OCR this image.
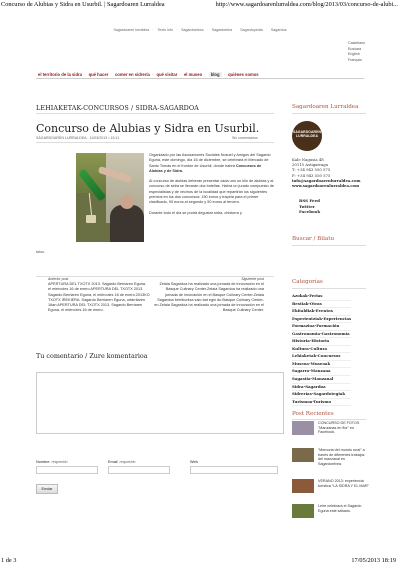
Concurso de Alubias y Sidra en Usurbil. | Sagardoaren Lurraldea	http://www.sagardoarenlurraldea.com/blog/2013/03/concurso-de-alubi...
Sagardoaren lurraldea · Textu info · Sagardoetxea · Sagardoteka · Sagardopedia · Sagardoa
Castellano
Euskara
English
Français
el territorio de la sidra · qué hacer · comer en sidrería · qué visitar · el museo · blog · quiénes somos
LEHIAKETAK-CONCURSOS / SIDRA-SAGARDOA
Concurso de Alubias y Sidra en Usurbil.
SAGARDOAREN LURRALDEA · 11/03/2013 • 15:11	Sin comentarios

Organizado por las Asociaciones Sociales Nosuel y Amigos del Sagardo Eguna, este domingo, día 16 de diciembre, se celebrará el Mercado de Santo Tomás en el frontón de Usurbil, donde habrá Concursos de Alubias y de Sidra.

Al concurso de alubias deberán presentar cada uno un kilo de alubias y al concurso de sidra se llevarán dos botellas. Habrá un jurado compuesto de especialistas y de vecinos de la localidad que repartirán los siguientes premios en los dos concursos: 150 euros y trapela para el primer clasificado, 90 euros al segundo y 50 euros al tercero.

Durante todo el día se podrá degustar sidra, chistorra y

talos.
Anterior post
APERTURA DEL TXOTX 2013. Sagardo Berriaren Eguna, el miércoles 16 de enero APERTURA DEL TXOTX 2013. Sagardo Berriaren Eguna, el miércoles 16 de enero.2013KO TXOTX IREKIERA. Sagardo Berriaren Eguna, urtarrilaren 16an APERTURA DEL TXOTX 2013. Sagardo Berriaren Eguna, el miércoles 16 de enero.
Siguiente post
Zelaia Sagardoa ha realizado una jornada de innovación en el Basque Culinary Center.Zelaia Sagardoa ha realizado una jornada de innovación en el Basque Culinary Center.Zelaia Sagardoa berrikuntza saio bat egin du Basque Culinary Center-en.Zelaia Sagardoa ha realizado una jornada de innovación en el Basque Culinary Center.
Tu comentario / Zure komentarioa
Nombre requerido	Email requerido	Web
Enviar
Sagardoaren Lurraldea
SAGARDOAREN
LURRALDEA
Kale Nagusia 48
20115 Astigarraga
T: +34 943 550 575
F: +34 943 550 575
info@sagardoarenlurraldea.com
www.sagardoarenlurraldea.com
RSS Feed
Twitter
Facebook
Buscar / Bilatu
Categorías
Azokak-Ferias
Bestiak-Otras
Ekitaldiak-Eventos
Esperientziak-Experiencias
Formazioa-Formación
Gastronomia-Gastronomía
Historia-Historia
Kultura-Cultura
Lehiaketak-Concursos
Museoa-Museoak
Sagarra-Manzana
Sagastia-Manzanal
Sidra-Sagardoa
Sidrerías-Sagardotegiak
Turismoa-Turismo
Post Recientes
CONCURSO DE FOTOS "Manzanas en flor" en Facebook.
"Memoria del mundo rural" a través de diferentes trabajos del manzanal en Sagardoetxea.
VERANO 2013: experiencia turística "LA SIDRA Y EL MAR"
Leire celebrará el Sagardo Eguna este sábado.
1 de 3	17/05/2013 18:19
